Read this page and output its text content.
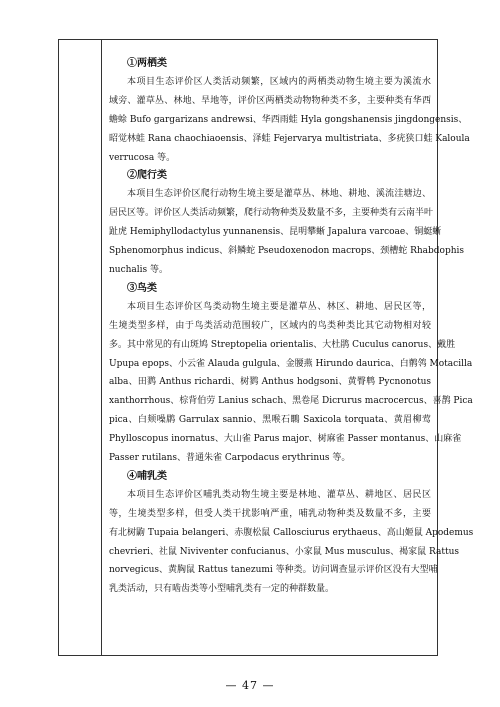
①两栖类
本项目生态评价区人类活动频繁，区域内的两栖类动物生境主要为溪流水
域旁、灌草丛、林地、旱地等，评价区两栖类动物物种类不多，主要种类有华西
蟾蜍 Bufo gargarizans andrewsi、华西雨蛙 Hyla gongshanensis jingdongensis、
昭觉林蛙 Rana chaochiaoensis、泽蛙 Fejervarya multistriata、多疣狭口蛙 Kaloula
verrucosa 等。
②爬行类
本项目生态评价区爬行动物生境主要是灌草丛、林地、耕地、溪流洼塘边、
居民区等。评价区人类活动频繁，爬行动物种类及数量不多，主要种类有云南半叶
趾虎 Hemiphyllodactylus yunnanensis、昆明攀蜥 Japalura varcoae、铜蜓蜥
Sphenomorphus indicus、斜鳞蛇 Pseudoxenodon macrops、颈槽蛇 Rhabdophis
nuchalis 等。
③鸟类
本项目生态评价区鸟类动物生境主要是灌草丛、林区、耕地、居民区等，
生境类型多样，由于鸟类活动范围较广，区域内的鸟类种类比其它动物相对较
多。其中常见的有山斑鸠 Streptopelia orientalis、大杜鹃 Cuculus canorus、戴胜
Upupa epops、小云雀 Alauda gulgula、金腰燕 Hirundo daurica、白鹡鸰 Motacilla
alba、田鹨 Anthus richardi、树鹨 Anthus hodgsoni、黄臀鹎 Pycnonotus
xanthorrhous、棕背伯劳 Lanius schach、黑卷尾 Dicrurus macrocercus、喜鹊 Pica
pica、白颊噪鹛 Garrulax sannio、黑喉石䳭 Saxicola torquata、黄眉柳莺
Phylloscopus inornatus、大山雀 Parus major、树麻雀 Passer montanus、山麻雀
Passer rutilans、普通朱雀 Carpodacus erythrinus 等。
④哺乳类
本项目生态评价区哺乳类动物生境主要是林地、灌草丛、耕地区、居民区
等，生境类型多样，但受人类干扰影响严重，哺乳动物种类及数量不多，主要
有北树鼩 Tupaia belangeri、赤腹松鼠 Callosciurus erythaeus、高山姬鼠 Apodemus
chevrieri、社鼠 Niviventer confucianus、小家鼠 Mus musculus、褐家鼠 Rattus
norvegicus、黄胸鼠 Rattus tanezumi 等种类。访问调查显示评价区没有大型哺
乳类活动，只有啮齿类等小型哺乳类有一定的种群数量。
— 47 —
